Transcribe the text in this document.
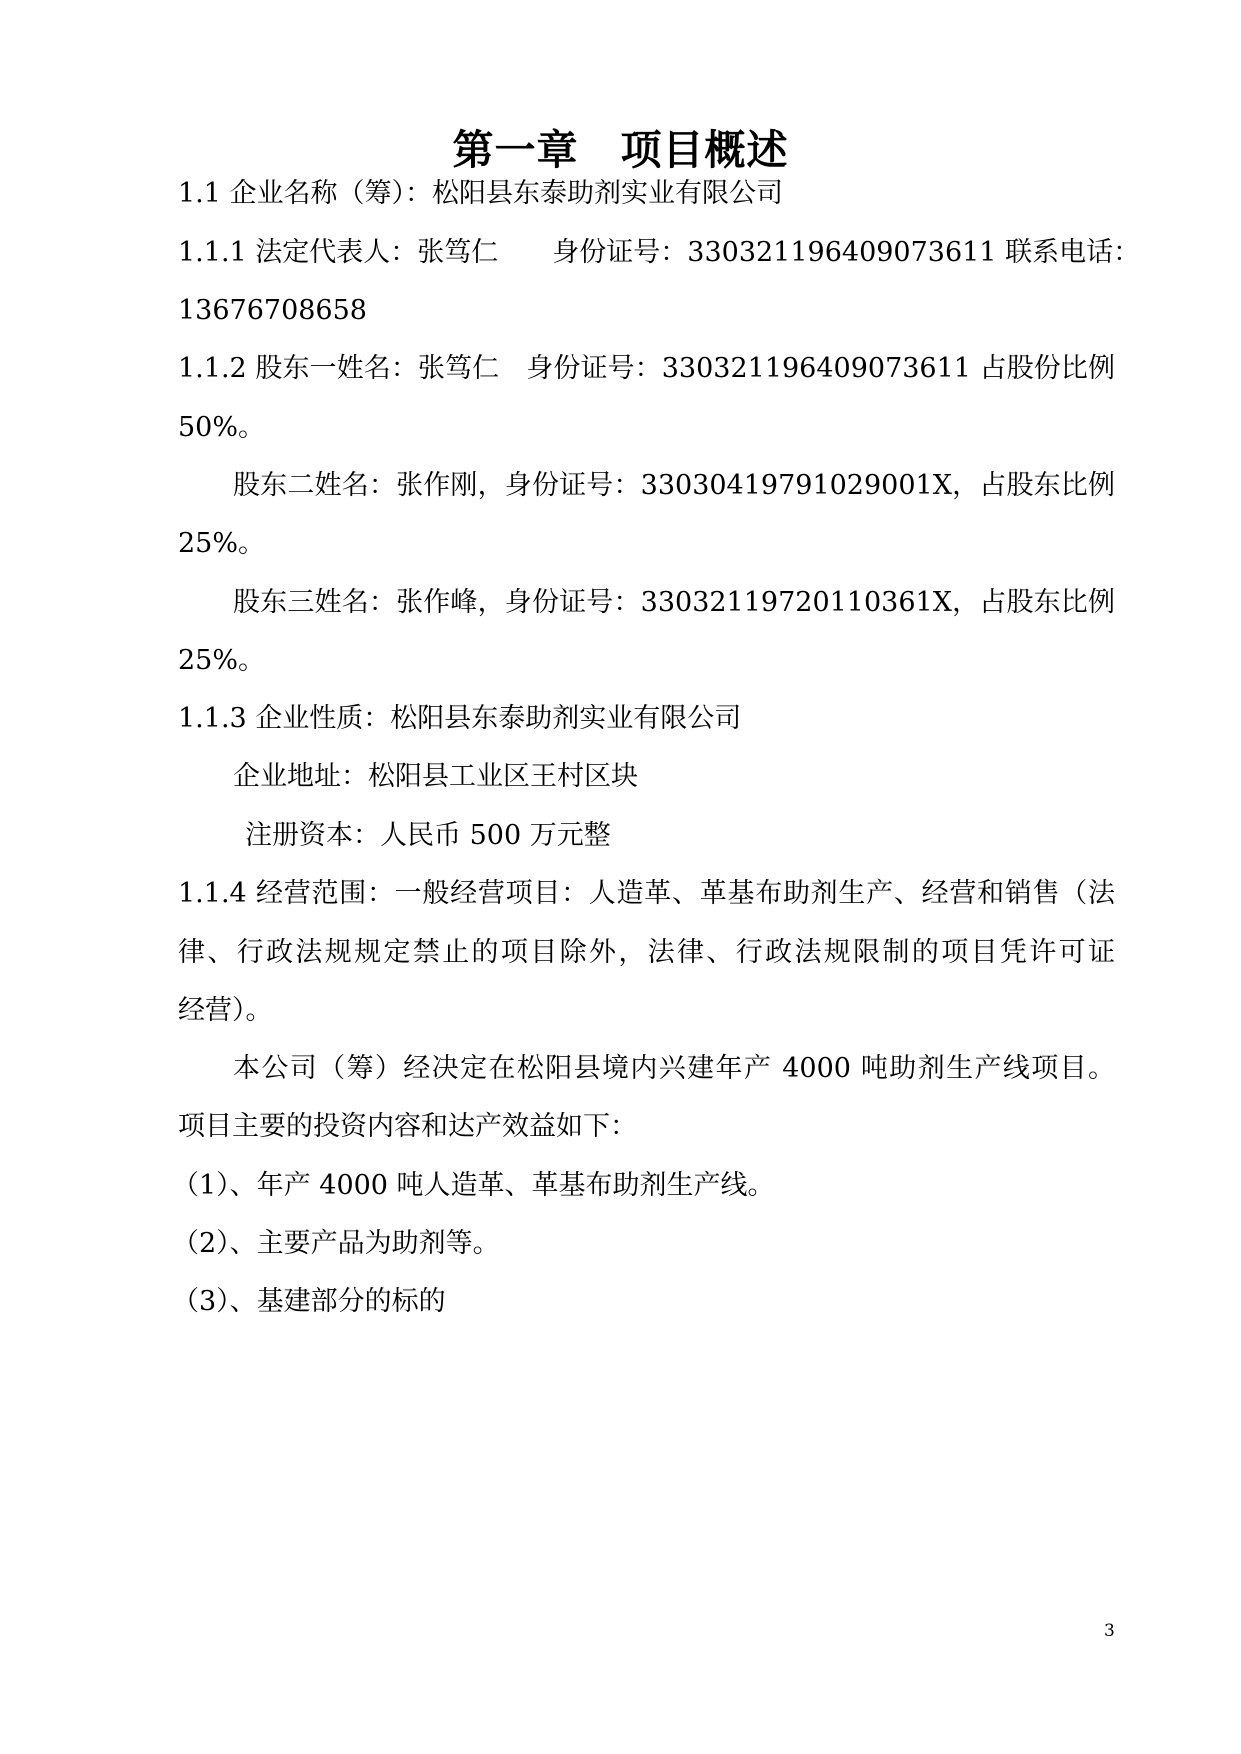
第一章 项目概述
1.1 企业名称（筹）：松阳县东泰助剂实业有限公司
1.1.1 法定代表人：张笃仁　　身份证号：330321196409073611 联系电话：
13676708658
1.1.2 股东一姓名：张笃仁　身份证号：330321196409073611 占股份比例
50%。
股东二姓名：张作刚，身份证号：33030419791029001X，占股东比例
25%。
股东三姓名：张作峰，身份证号：33032119720110361X，占股东比例
25%。
1.1.3 企业性质：松阳县东泰助剂实业有限公司
企业地址：松阳县工业区王村区块
注册资本：人民币 500 万元整
1.1.4 经营范围：一般经营项目：人造革、革基布助剂生产、经营和销售（法
律、行政法规规定禁止的项目除外，法律、行政法规限制的项目凭许可证
经营）。
本公司（筹）经决定在松阳县境内兴建年产 4000 吨助剂生产线项目。
项目主要的投资内容和达产效益如下：
（1）、年产 4000 吨人造革、革基布助剂生产线。
（2）、主要产品为助剂等。
（3）、基建部分的标的
3
